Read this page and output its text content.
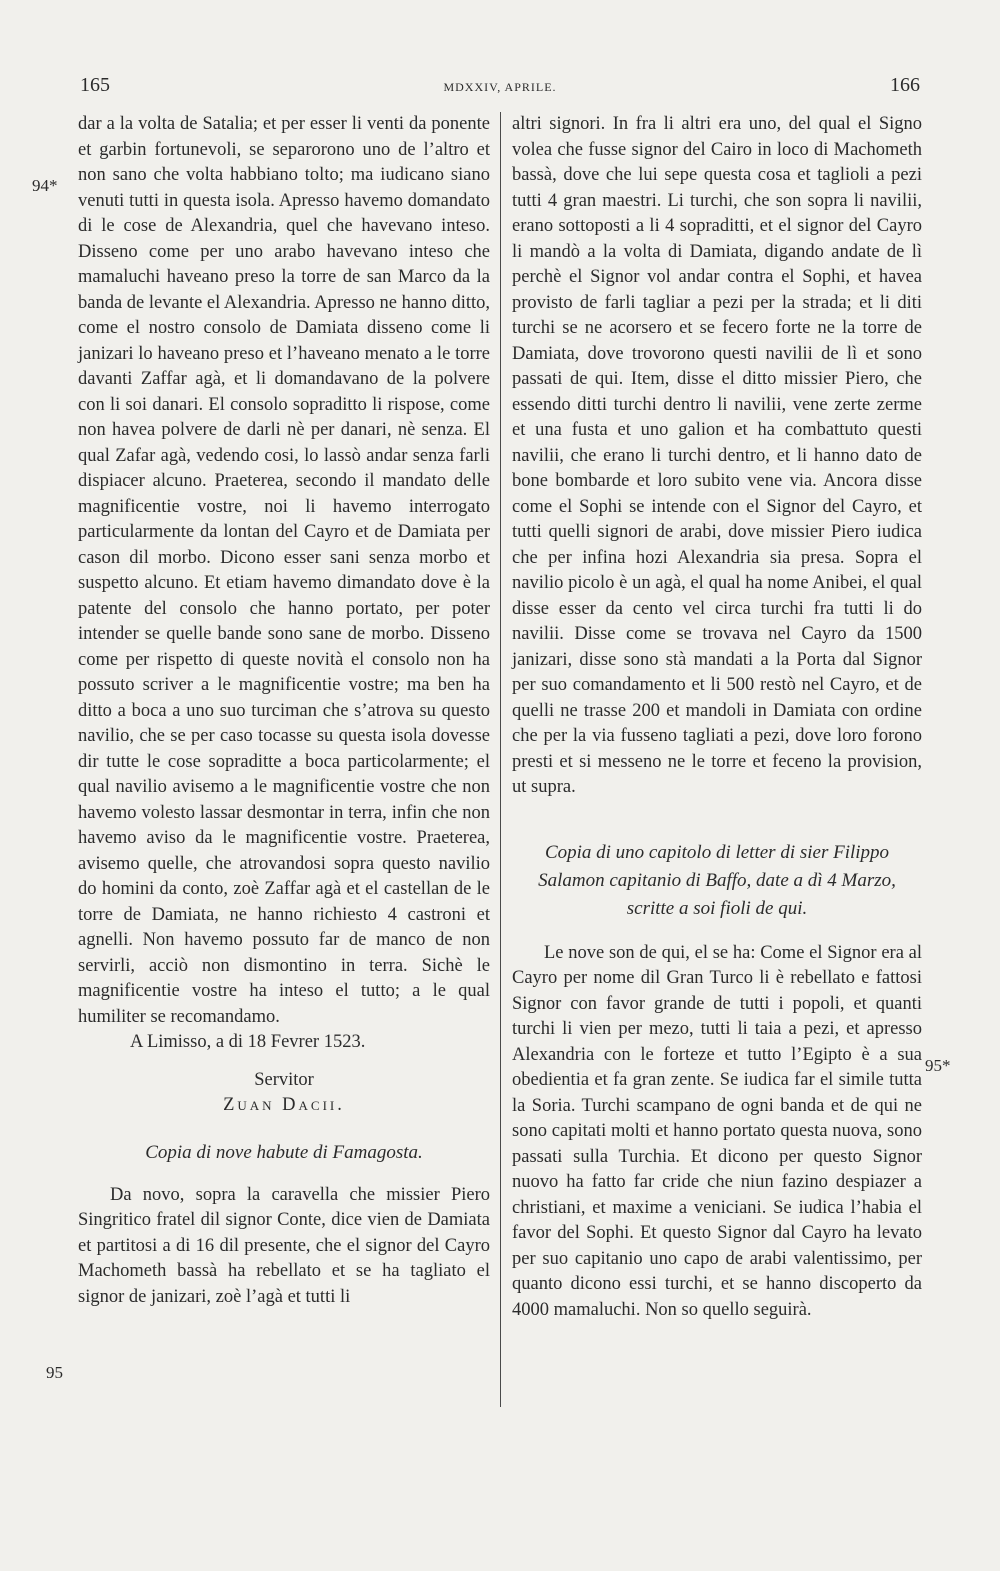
165	MDXXIV, APRILE.	166
94*
95
95*

dar a la volta de Satalia; et per esser li venti da ponente et garbin fortunevoli, se separorono uno de l’altro et non sano che volta habbiano tolto; ma iudicano siano venuti tutti in questa isola. Apresso havemo domandato di le cose de Alexandria, quel che havevano inteso. Disseno come per uno arabo havevano inteso che mamaluchi haveano preso la torre de san Marco da la banda de levante el Alexandria. Apresso ne hanno ditto, come el nostro consolo de Damiata disseno come li janizari lo haveano preso et l’haveano menato a le torre davanti Zaffar agà, et li domandavano de la polvere con li soi danari. El consolo sopraditto li rispose, come non havea polvere de darli nè per danari, nè senza. El qual Zafar agà, vedendo cosi, lo lassò andar senza farli dispiacer alcuno. Praeterea, secondo il mandato delle magnificentie vostre, noi li havemo interrogato particularmente da lontan del Cayro et de Damiata per cason dil morbo. Dicono esser sani senza morbo et suspetto alcuno. Et etiam havemo dimandato dove è la patente del consolo che hanno portato, per poter intender se quelle bande sono sane de morbo. Disseno come per rispetto di queste novità el consolo non ha possuto scriver a le magnificentie vostre; ma ben ha ditto a boca a uno suo turciman che s’atrova su questo navilio, che se per caso tocasse su questa isola dovesse dir tutte le cose sopraditte a boca particolarmente; el qual navilio avisemo a le magnificentie vostre che non havemo volesto lassar desmontar in terra, infin che non havemo aviso da le magnificentie vostre. Praeterea, avisemo quelle, che atrovandosi sopra questo navilio do homini da conto, zoè Zaffar agà et el castellan de le torre de Damiata, ne hanno richiesto 4 castroni et agnelli. Non havemo possuto far de manco de non servirli, acciò non dismontino in terra. Sichè le magnificentie vostre ha inteso el tutto; a le qual humiliter se recomandamo.

A Limisso, a di 18 Fevrer 1523.

Servitor
Zuan Dacii.
Copia di nove habute di Famagosta.

Da novo, sopra la caravella che missier Piero Singritico fratel dil signor Conte, dice vien de Damiata et partitosi a di 16 dil presente, che el signor del Cayro Machometh bassà ha rebellato et se ha tagliato el signor de janizari, zoè l’agà et tutti li

altri signori. In fra li altri era uno, del qual el Signo volea che fusse signor del Cairo in loco di Machometh bassà, dove che lui sepe questa cosa et taglioli a pezi tutti 4 gran maestri. Li turchi, che son sopra li navilii, erano sottoposti a li 4 sopraditti, et el signor del Cayro li mandò a la volta di Damiata, digando andate de lì perchè el Signor vol andar contra el Sophi, et havea provisto de farli tagliar a pezi per la strada; et li diti turchi se ne acorsero et se fecero forte ne la torre de Damiata, dove trovorono questi navilii de lì et sono passati de qui. Item, disse el ditto missier Piero, che essendo ditti turchi dentro li navilii, vene zerte zerme et una fusta et uno galion et ha combattuto questi navilii, che erano li turchi dentro, et li hanno dato de bone bombarde et loro subito vene via. Ancora disse come el Sophi se intende con el Signor del Cayro, et tutti quelli signori de arabi, dove missier Piero iudica che per infina hozi Alexandria sia presa. Sopra el navilio picolo è un agà, el qual ha nome Anibei, el qual disse esser da cento vel circa turchi fra tutti li do navilii. Disse come se trovava nel Cayro da 1500 janizari, disse sono stà mandati a la Porta dal Signor per suo comandamento et li 500 restò nel Cayro, et de quelli ne trasse 200 et mandoli in Damiata con ordine che per la via fusseno tagliati a pezi, dove loro forono presti et si messeno ne le torre et feceno la provision, ut supra.

Copia di uno capitolo di letter di sier Filippo Salamon capitanio di Baffo, date a dì 4 Marzo, scritte a soi fioli de qui.

Le nove son de qui, el se ha: Come el Signor era al Cayro per nome dil Gran Turco li è rebellato e fattosi Signor con favor grande de tutti i popoli, et quanti turchi li vien per mezo, tutti li taia a pezi, et apresso Alexandria con le forteze et tutto l’Egipto è a sua obedientia et fa gran zente. Se iudica far el simile tutta la Soria. Turchi scampano de ogni banda et de qui ne sono capitati molti et hanno portato questa nuova, sono passati sulla Turchia. Et dicono per questo Signor nuovo ha fatto far cride che niun fazino despiazer a christiani, et maxime a veniciani. Se iudica l’habia el favor del Sophi. Et questo Signor dal Cayro ha levato per suo capitanio uno capo de arabi valentissimo, per quanto dicono essi turchi, et se hanno discoperto da 4000 mamaluchi. Non so quello seguirà.
